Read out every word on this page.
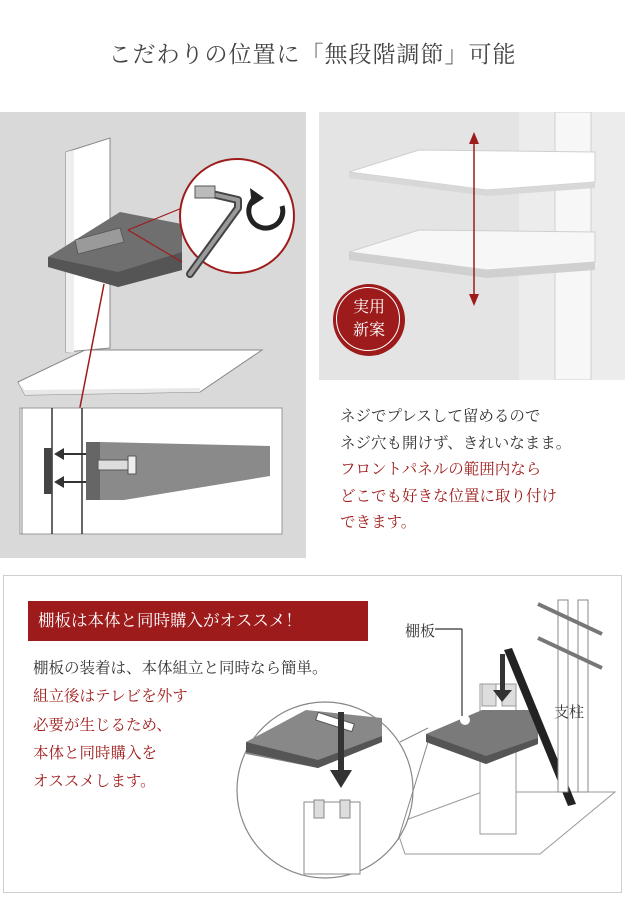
こだわりの位置に「無段階調節」可能
実用
新案
ネジでプレスして留めるので
ネジ穴も開けず、きれいなまま。
フロントパネルの範囲内なら
どこでも好きな位置に取り付け
できます。
棚板は本体と同時購入がオススメ！
棚板の装着は、本体組立と同時なら簡単。
組立後はテレビを外す
必要が生じるため、
本体と同時購入を
オススメします。
棚板
支柱
